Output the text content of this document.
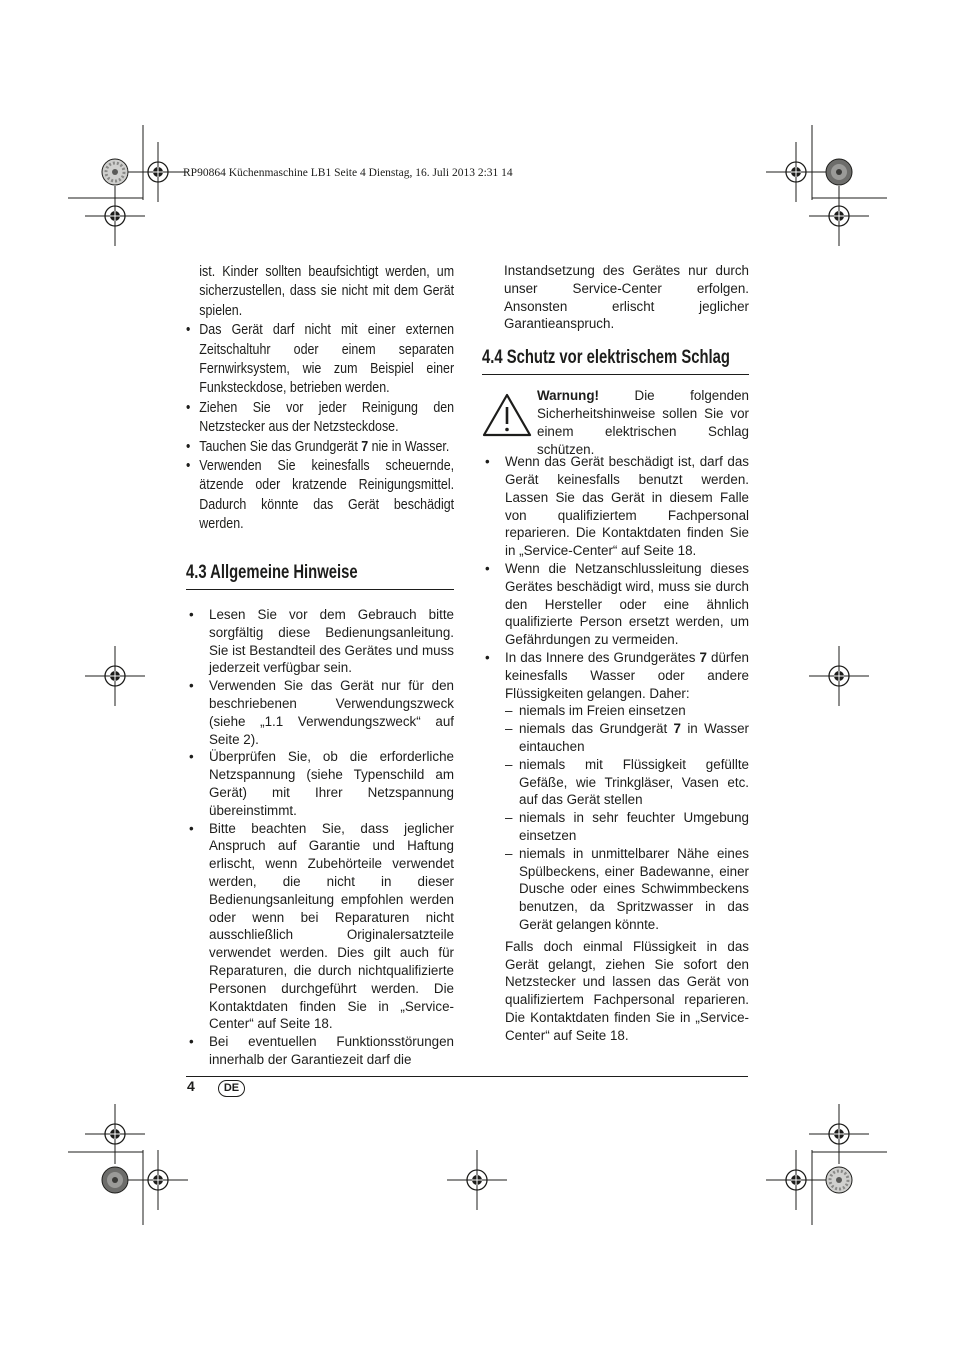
RP90864 Küchenmaschine LB1 Seite 4 Dienstag, 16. Juli 2013 2:31 14

ist. Kinder sollten beaufsichtigt werden, um sicherzustellen, dass sie nicht mit dem Gerät spielen.

• Das Gerät darf nicht mit einer externen Zeitschaltuhr oder einem separaten Fernwirksystem, wie zum Beispiel einer Funksteckdose, betrieben werden.
• Ziehen Sie vor jeder Reinigung den Netzstecker aus der Netzsteckdose.
• Tauchen Sie das Grundgerät 7 nie in Wasser.
• Verwenden Sie keinesfalls scheuernde, ätzende oder kratzende Reinigungsmittel. Dadurch könnte das Gerät beschädigt werden.
4.3 Allgemeine Hinweise
• Lesen Sie vor dem Gebrauch bitte sorgfältig diese Bedienungsanleitung. Sie ist Bestandteil des Gerätes und muss jederzeit verfügbar sein.
• Verwenden Sie das Gerät nur für den beschriebenen Verwendungszweck (siehe „1.1 Verwendungszweck“ auf Seite 2).
• Überprüfen Sie, ob die erforderliche Netzspannung (siehe Typenschild am Gerät) mit Ihrer Netzspannung übereinstimmt.
• Bitte beachten Sie, dass jeglicher Anspruch auf Garantie und Haftung erlischt, wenn Zubehörteile verwendet werden, die nicht in dieser Bedienungsanleitung empfohlen werden oder wenn bei Reparaturen nicht ausschließlich Originalersatzteile verwendet werden. Dies gilt auch für Reparaturen, die durch nichtqualifizierte Personen durchgeführt werden. Die Kontaktdaten finden Sie in „Service-Center“ auf Seite 18.
• Bei eventuellen Funktionsstörungen innerhalb der Garantiezeit darf die
Instandsetzung des Gerätes nur durch unser Service-Center erfolgen. Ansonsten erlischt jeglicher Garantieanspruch.
4.4 Schutz vor elektrischem Schlag
Warnung! Die folgenden Sicherheitshinweise sollen Sie vor einem elektrischen Schlag schützen.
• Wenn das Gerät beschädigt ist, darf das Gerät keinesfalls benutzt werden. Lassen Sie das Gerät in diesem Falle von qualifiziertem Fachpersonal reparieren. Die Kontaktdaten finden Sie in „Service-Center“ auf Seite 18.
• Wenn die Netzanschlussleitung dieses Gerätes beschädigt wird, muss sie durch den Hersteller oder eine ähnlich qualifizierte Person ersetzt werden, um Gefährdungen zu vermeiden.
• In das Innere des Grundgerätes 7 dürfen keinesfalls Wasser oder andere Flüssigkeiten gelangen. Daher:
– niemals im Freien einsetzen
– niemals das Grundgerät 7 in Wasser eintauchen
– niemals mit Flüssigkeit gefüllte Gefäße, wie Trinkgläser, Vasen etc. auf das Gerät stellen
– niemals in sehr feuchter Umgebung einsetzen
– niemals in unmittelbarer Nähe eines Spülbeckens, einer Badewanne, einer Dusche oder eines Schwimmbeckens benutzen, da Spritzwasser in das Gerät gelangen könnte.

Falls doch einmal Flüssigkeit in das Gerät gelangt, ziehen Sie sofort den Netzstecker und lassen das Gerät von qualifiziertem Fachpersonal reparieren. Die Kontaktdaten finden Sie in „Service-Center“ auf Seite 18.

4	DE
